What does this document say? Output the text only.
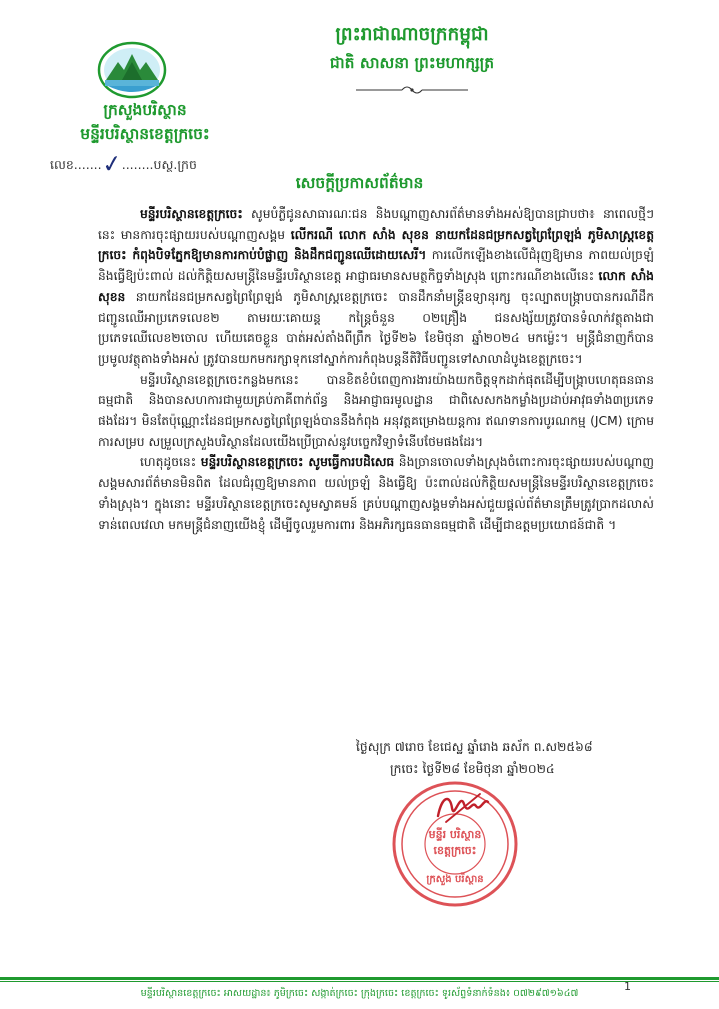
ក្រសួងបរិស្ថាន
មន្ទីរបរិស្ថានខេត្តក្រចេះ
លេខ.......✓........បស្ថ.ក្រច
ព្រះរាជាណាចក្រកម្ពុជា
ជាតិ សាសនា ព្រះមហាក្សត្រ
សេចក្តីប្រកាសព័ត៌មាន

មន្ទីរបរិស្ថានខេត្តក្រចេះ សូមបំភ្លឺជូនសាធារណៈជន និងបណ្ដាញសារព័ត៌មានទាំងអស់ឱ្យបានជ្រាបថា៖ នាពេលថ្មីៗនេះ មានការចុះផ្សាយរបស់បណ្ដាញសង្គម លើករណី លោក សាំង សុខន នាយកដែនជម្រកសត្វព្រៃព្រែឡង់ ភូមិសាស្ត្រខេត្តក្រចេះ កំពុងបិទភ្នែកឱ្យមានការកាប់បំផ្លាញ និងដឹកជញ្ជូនឈើដោយសេរី។ ការលើកឡើងខាងលើជំរុញឱ្យមាន ភាពយល់ច្រឡំ និងធ្វើឱ្យប៉ះពាល់ ដល់កិត្តិយសមន្ត្រីនៃមន្ទីរបរិស្ថានខេត្ត អាជ្ញាធរមានសមត្ថកិច្ចទាំងស្រុង ព្រោះករណីខាងលើនេះ លោក សាំង សុខន នាយកដែនជម្រកសត្វព្រៃព្រែឡង់ ភូមិសាស្ត្រខេត្តក្រចេះ បានដឹកនាំមន្ត្រីឧទ្យានុរក្ស ចុះល្បាតបង្ក្រាបបានករណីដឹកជញ្ជូនឈើអាប្រភេទលេខ២ តាមរយៈគោយន្ត កន្ត្រៃចំនួន ០២គ្រឿង ជនសង្ស័យត្រូវបានទំលាក់វត្ថុតាងជាប្រភេទឈើលេខ២ចោល ហើយគេចខ្លួន បាត់អស់តាំងពីព្រឹក ថ្ងៃទី២៦ ខែមិថុនា ឆ្នាំ២០២៤ មកម្ល៉េះ។ មន្ត្រីជំនាញក៏បានប្រមូលវត្ថុតាងទាំងអស់ ត្រូវបានយកមករក្សាទុកនៅស្នាក់ការកំពុងបន្តនីតិវិធីបញ្ជូនទៅសាលាដំបូងខេត្តក្រចេះ។

មន្ទីរបរិស្ថានខេត្តក្រចេះកន្លងមកនេះ បានខិតខំបំពេញការងារយ៉ាងយកចិត្តទុកដាក់ផុតដើម្បីបង្ក្រាបហេតុធនធានធម្មជាតិ និងបានសហការជាមួយគ្រប់ភាគីពាក់ព័ន្ធ និងអាជ្ញាធរមូលដ្ឋាន ជាពិសេសកងកម្លាំងប្រដាប់អាវុធទាំង៣ប្រភេទផងដែរ។ មិនតែប៉ុណ្ណោះដែនជម្រកសត្វព្រៃព្រែឡង់បាននឹងកំពុង អនុវត្តគម្រោងយន្តការ ឥណទានការបូរណកម្ម (JCM) ក្រោមការសម្រប សម្រួលក្រសួងបរិស្ថានដែលយើងប្រើប្រាស់នូវបច្ចេកវិទ្យាទំនើបថែមផងដែរ។

ហេតុដូចនេះ មន្ទីរបរិស្ថានខេត្តក្រចេះ សូមធ្វើការបដិសេធ និងច្រានចោលទាំងស្រុងចំពោះការចុះផ្សាយរបស់បណ្ដាញសង្គមសារព័ត៌មានមិនពិត ដែលជំរុញឱ្យមានភាព យល់ច្រឡំ និងធ្វើឱ្យ ប៉ះពាល់ដល់កិត្តិយសមន្ត្រីនៃមន្ទីរបរិស្ថានខេត្តក្រចេះទាំងស្រុង។ ក្នុងនោះ មន្ទីរបរិស្ថានខេត្តក្រចេះសូមស្វាគមន៍ គ្រប់បណ្ដាញសង្គមទាំងអស់ជួយផ្ដល់ព័ត៌មានត្រឹមត្រូវប្រាកដលាស់ ទាន់ពេលវេលា មកមន្ត្រីជំនាញយើងខ្ញុំ ដើម្បីចូលរួមការពារ និងអភិរក្សធនធានធម្មជាតិ ដើម្បីជាឧត្តមប្រយោជន៍ជាតិ ។

ថ្ងៃសុក្រ ៧រោច ខែជេស្ឋ ឆ្នាំរោង ឆស័ក ព.ស២៥៦៨
ក្រចេះ ថ្ងៃទី២៨ ខែមិថុនា ឆ្នាំ២០២៤
មន្ទីរ បរិស្ថាន
ខេត្តក្រចេះ
ក្រសួង បរិស្ថាន
មន្ទីរបរិស្ថានខេត្តក្រចេះ អាសយដ្ឋាន៖ ភូមិក្រចេះ សង្កាត់ក្រចេះ ក្រុងក្រចេះ ខេត្តក្រចេះ ទូរស័ព្ទទំនាក់ទំនង៖ ០៧២៩៧១៦៤៧
1
